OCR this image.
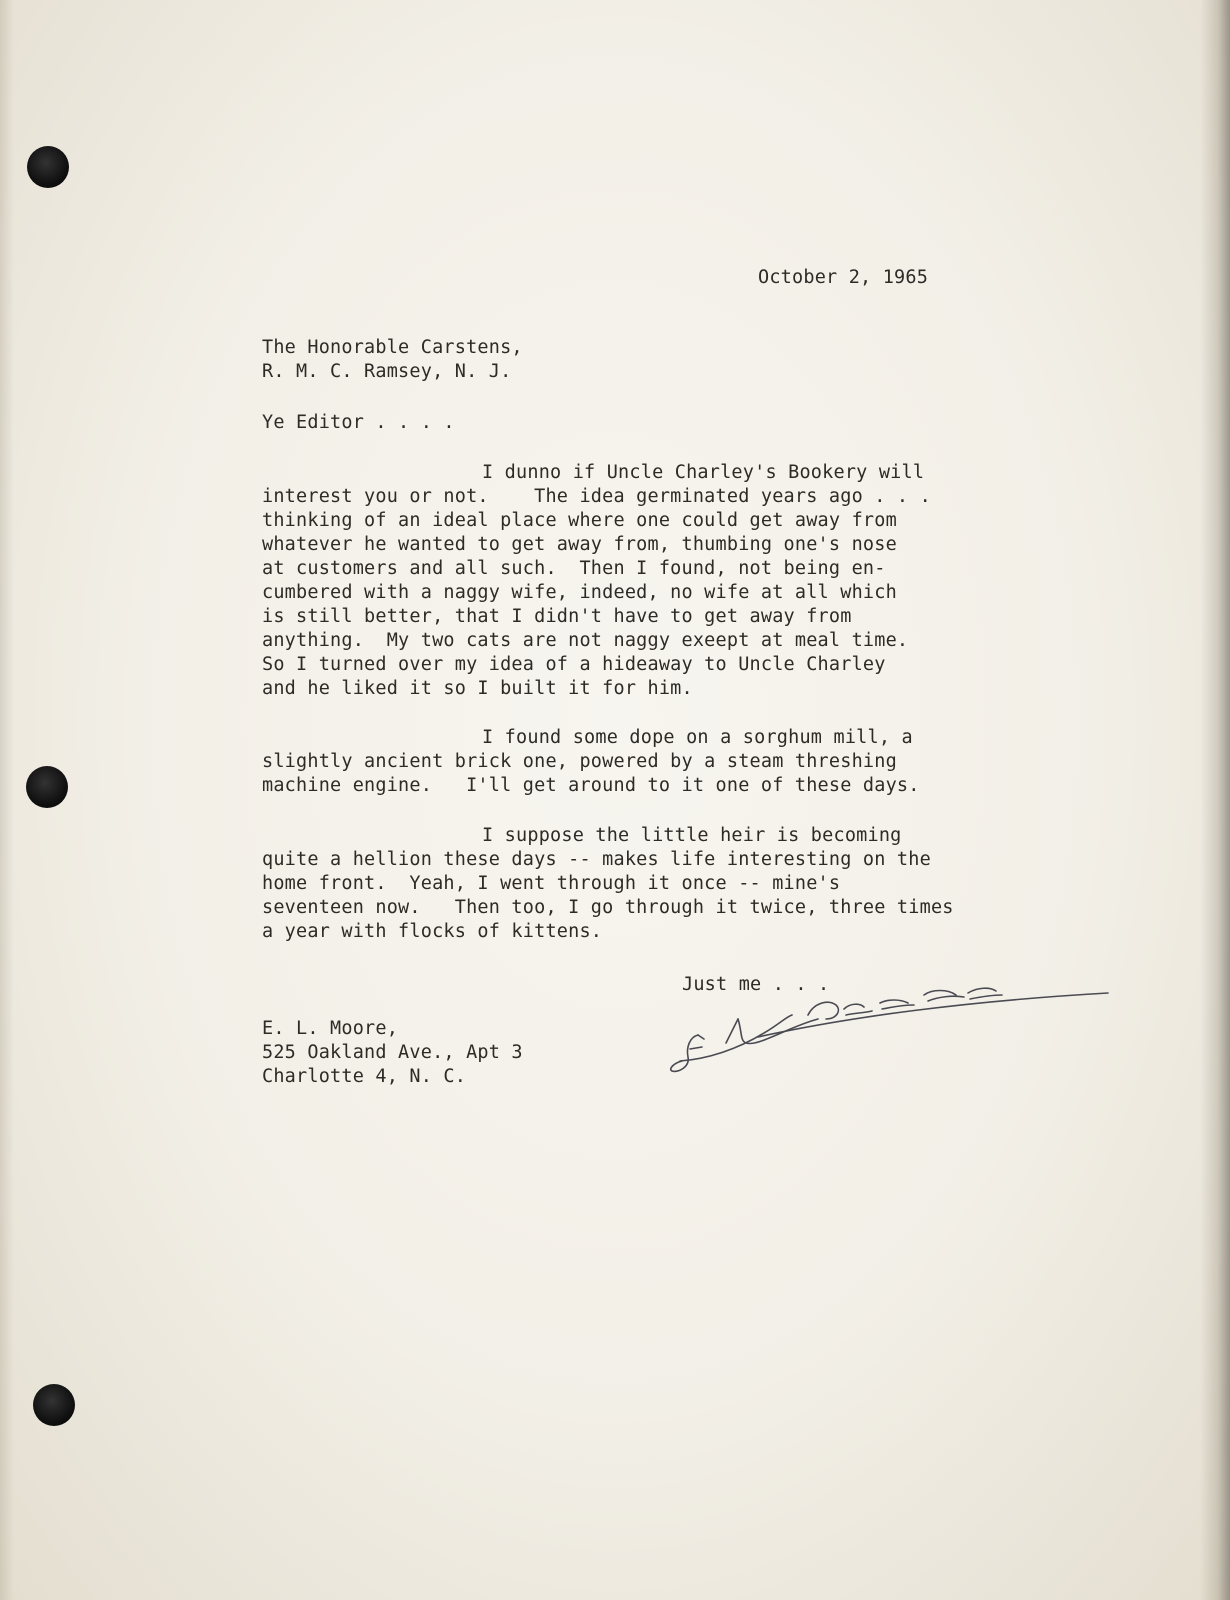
October 2, 1965
The Honorable Carstens,
R. M. C. Ramsey, N. J.
Ye Editor . . . .
I dunno if Uncle Charley's Bookery will
interest you or not.    The idea germinated years ago . . .
thinking of an ideal place where one could get away from
whatever he wanted to get away from, thumbing one's nose
at customers and all such.  Then I found, not being en-
cumbered with a naggy wife, indeed, no wife at all which
is still better, that I didn't have to get away from
anything.  My two cats are not naggy exeept at meal time.
So I turned over my idea of a hideaway to Uncle Charley
and he liked it so I built it for him.
I found some dope on a sorghum mill, a
slightly ancient brick one, powered by a steam threshing
machine engine.   I'll get around to it one of these days.
I suppose the little heir is becoming
quite a hellion these days -- makes life interesting on the
home front.  Yeah, I went through it once -- mine's
seventeen now.   Then too, I go through it twice, three times
a year with flocks of kittens.
Just me . . .
E. L. Moore,
525 Oakland Ave., Apt 3
Charlotte 4, N. C.
